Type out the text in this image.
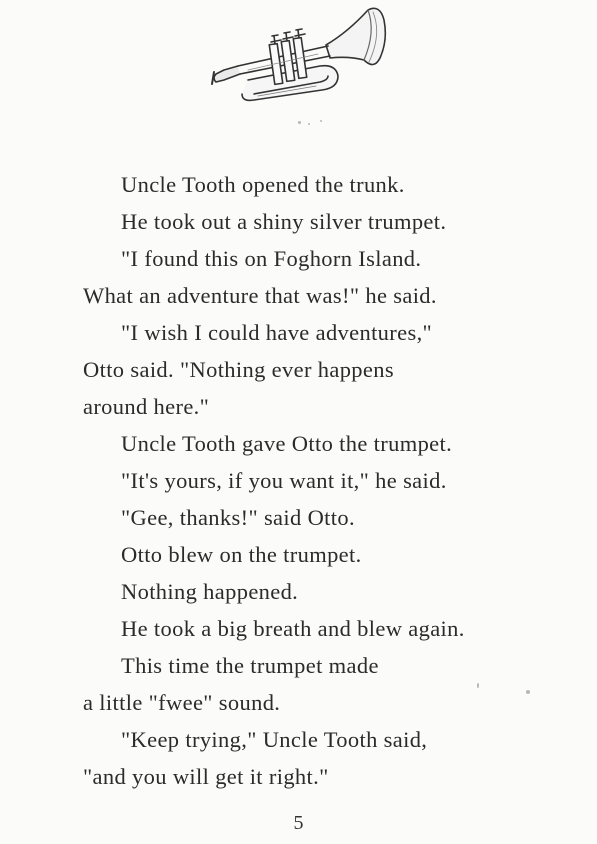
Uncle Tooth opened the trunk.
He took out a shiny silver trumpet.
"I found this on Foghorn Island.
What an adventure that was!" he said.
"I wish I could have adventures,"
Otto said. "Nothing ever happens
around here."
Uncle Tooth gave Otto the trumpet.
"It's yours, if you want it," he said.
"Gee, thanks!" said Otto.
Otto blew on the trumpet.
Nothing happened.
He took a big breath and blew again.
This time the trumpet made
a little "fwee" sound.
"Keep trying," Uncle Tooth said,
"and you will get it right."
5
